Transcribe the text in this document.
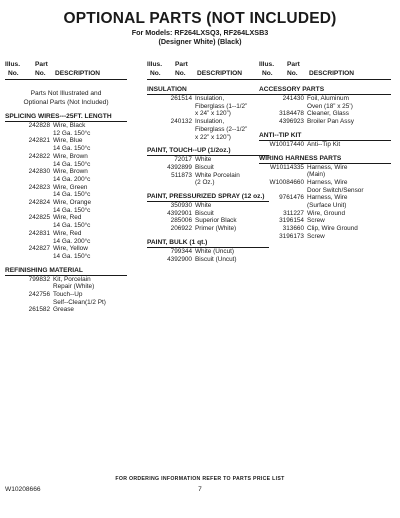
OPTIONAL PARTS (NOT INCLUDED)
For Models: RF264LXSQ3, RF264LXSB3
(Designer White) (Black)
Illus. Part
No. No. DESCRIPTION
Parts Not Illustrated and
Optional Parts (Not Included)
SPLICING WIRES---25FT. LENGTH
242828 Wire, Black
12 Ga. 150°c
242821 Wire, Blue
14 Ga. 150°c
242822 Wire, Brown
14 Ga. 150°c
242830 Wire, Brown
14 Ga. 200°c
242823 Wire, Green
14 Ga. 150°c
242824 Wire, Orange
14 Ga. 150°c
242825 Wire, Red
14 Ga. 150°c
242831 Wire, Red
14 Ga. 200°c
242827 Wire, Yellow
14 Ga. 150°c
REFINISHING MATERIAL
799832 Kit, Porcelain
Repair (White)
242756 Touch--Up
Self--Clean(1/2 Pt)
261582 Grease
Illus. Part
No. No. DESCRIPTION
INSULATION
261514 Insulation,
Fiberglass (1--1/2”
x 24” x 120”)
240132 Insulation,
Fiberglass (2--1/2”
x 22” x 120”)
PAINT, TOUCH--UP (1/2oz.)
72017 White
4392899 Biscuit
511873 White Porcelain
(2 Oz.)
PAINT, PRESSURIZED SPRAY (12 oz.)
350930 White
4392901 Biscuit
285006 Superior Black
206922 Primer (White)
PAINT, BULK (1 qt.)
799344 White (Uncut)
4392900 Biscuit (Uncut)
Illus. Part
No. No. DESCRIPTION
ACCESSORY PARTS
241430 Foil, Aluminum
Oven (18” x 25’)
3184478 Cleaner, Glass
4396923 Broiler Pan Assy
ANTI--TIP KIT
W10017440 Anti--Tip Kit
WIRING HARNESS PARTS
W10114335 Harness, Wire
(Main)
W10084660 Harness, Wire
Door Switch/Sensor
9761476 Harness, Wire
(Surface Unit)
311227 Wire, Ground
3196154 Screw
313660 Clip, Wire Ground
3196173 Screw
FOR ORDERING INFORMATION REFER TO PARTS PRICE LIST
W10208666	7
